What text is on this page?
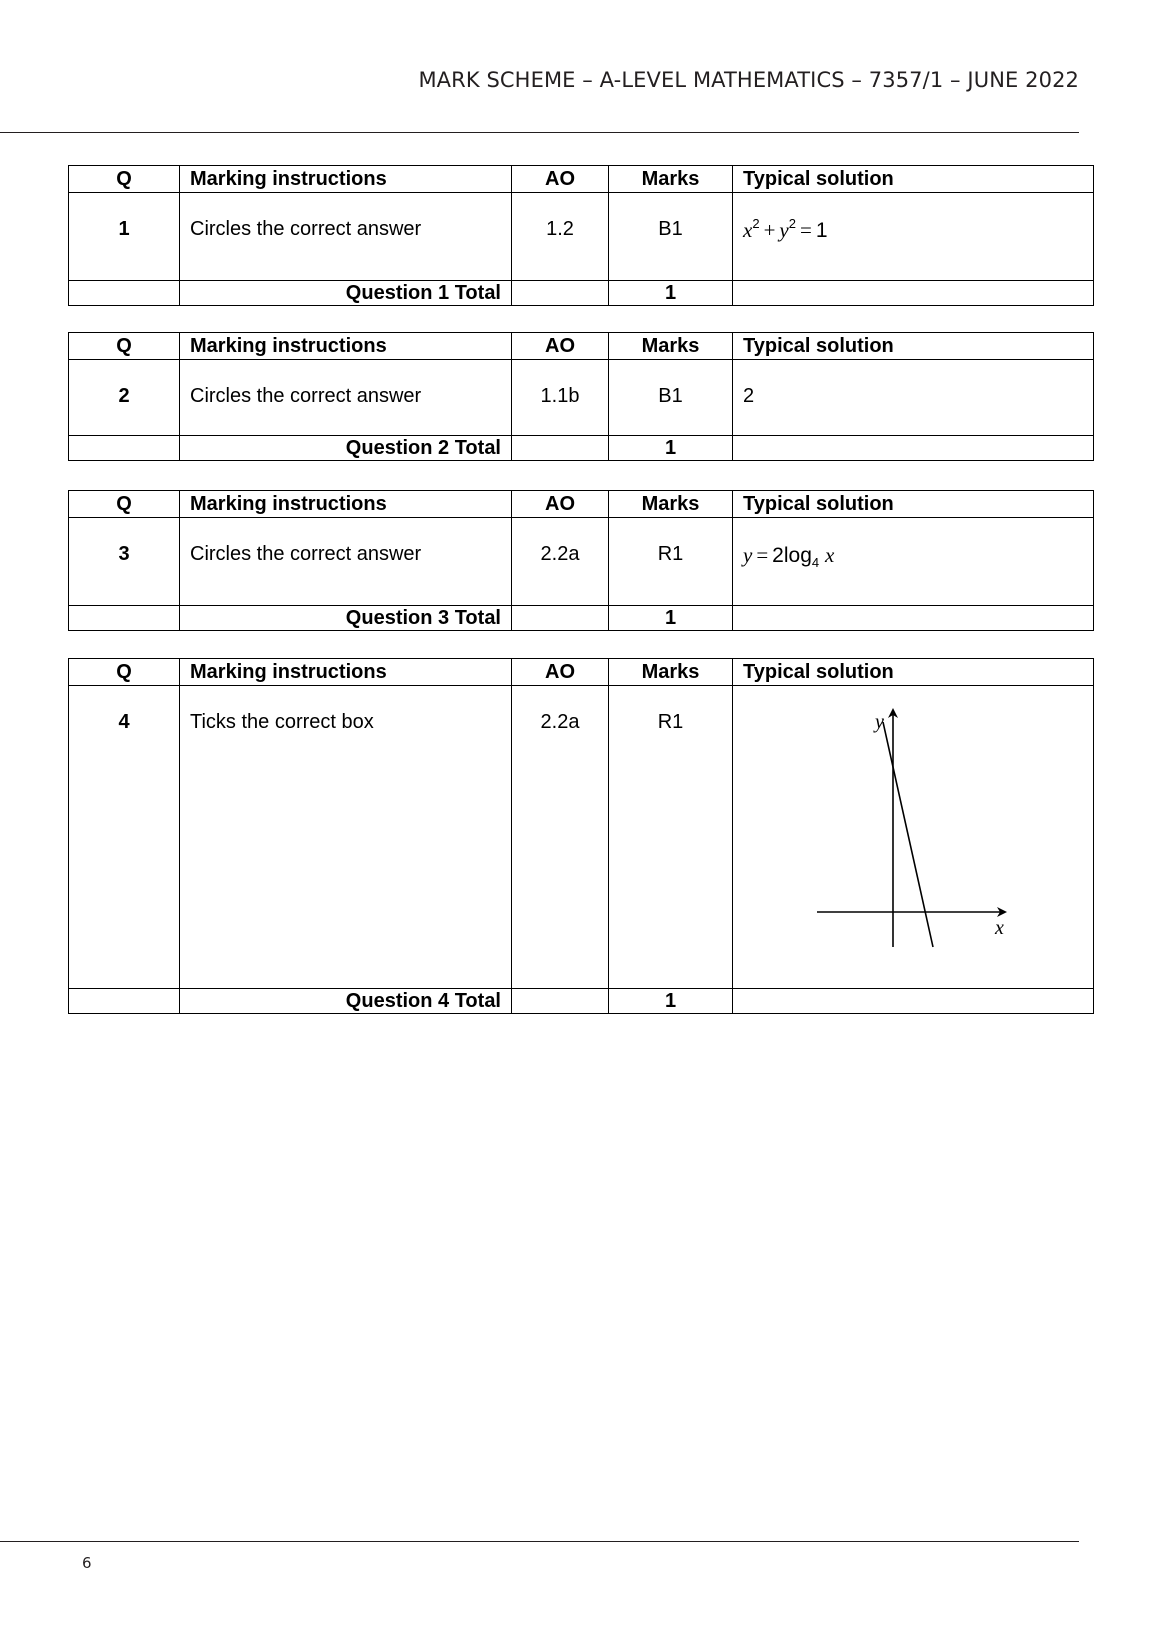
MARK SCHEME – A-LEVEL MATHEMATICS – 7357/1 – JUNE 2022
Q	Marking instructions	AO	Marks	Typical solution
1	Circles the correct answer	1.2	B1	$x^2 + y^2 = 1$
	Question 1 Total		1	
Q	Marking instructions	AO	Marks	Typical solution
2	Circles the correct answer	1.1b	B1	2
	Question 2 Total		1	
Q	Marking instructions	AO	Marks	Typical solution
3	Circles the correct answer	2.2a	R1	$y = 2\log_4$ x
	Question 3 Total		1	
Q	Marking instructions	AO	Marks	Typical solution
4	Ticks the correct box	2.2a	R1	y
x

	Question 4 Total		1	
6
